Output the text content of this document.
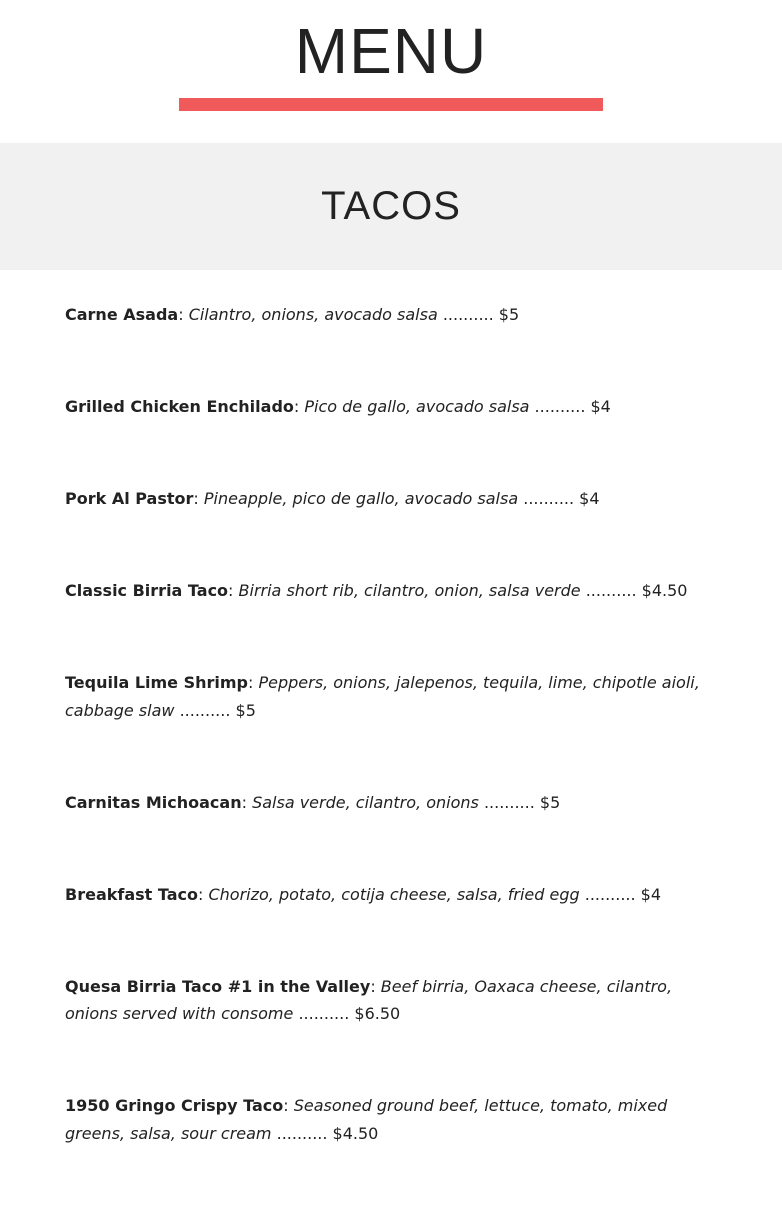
MENU
TACOS
Carne Asada: Cilantro, onions, avocado salsa .......... $5
Grilled Chicken Enchilado: Pico de gallo, avocado salsa .......... $4
Pork Al Pastor: Pineapple, pico de gallo, avocado salsa .......... $4
Classic Birria Taco: Birria short rib, cilantro, onion, salsa verde .......... $4.50
Tequila Lime Shrimp: Peppers, onions, jalepenos, tequila, lime, chipotle aioli, cabbage slaw .......... $5
Carnitas Michoacan: Salsa verde, cilantro, onions .......... $5
Breakfast Taco: Chorizo, potato, cotija cheese, salsa, fried egg .......... $4
Quesa Birria Taco #1 in the Valley: Beef birria, Oaxaca cheese, cilantro, onions served with consome .......... $6.50
1950 Gringo Crispy Taco: Seasoned ground beef, lettuce, tomato, mixed greens, salsa, sour cream .......... $4.50
